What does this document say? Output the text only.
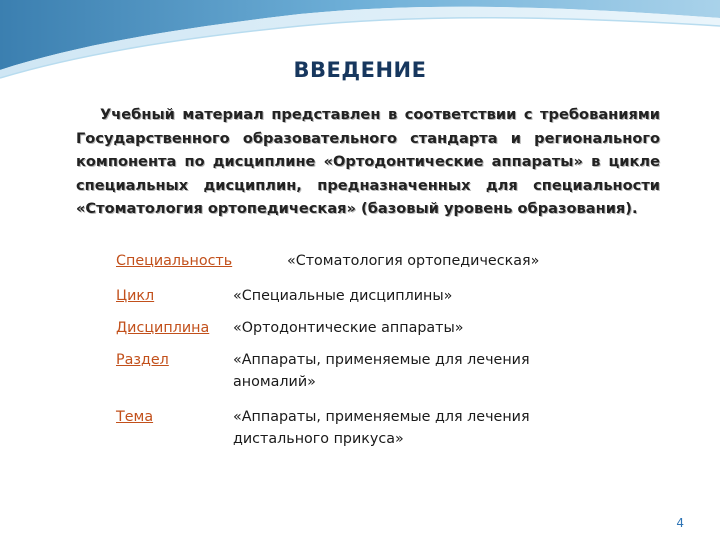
ВВЕДЕНИЕ
Учебный материал представлен в соответствии с требованиями Государственного образовательного стандарта и регионального компонента по дисциплине «Ортодонтические аппараты» в цикле специальных дисциплин, предназначенных для специальности «Стоматология ортопедическая» (базовый уровень образования).
Специальность	«Стоматология ортопедическая»
Цикл	«Специальные дисциплины»
Дисциплина «Ортодонтические аппараты»
Раздел	«Аппараты, применяемые для лечения аномалий»
Тема	«Аппараты, применяемые для лечения дистального прикуса»
4
